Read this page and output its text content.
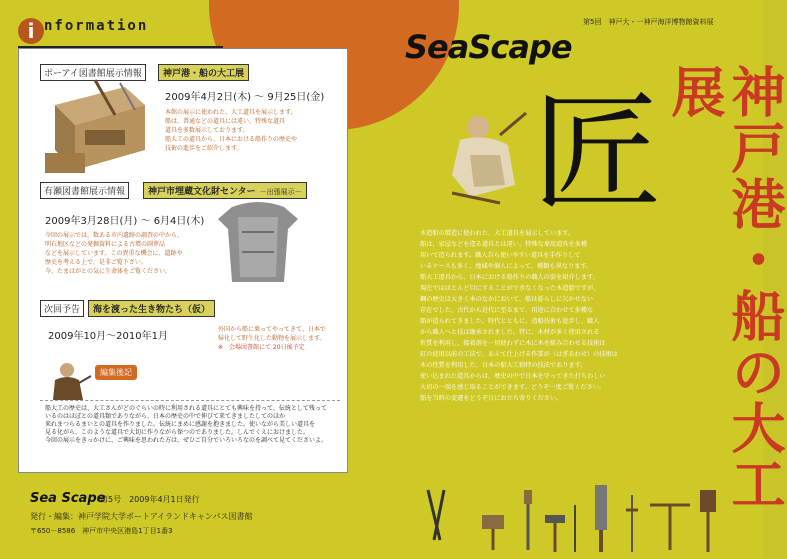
i nformation
ポーアイ図書館展示情報	神戸港・船の大工展
2009年4月2日(木) 〜 9月25日(金)
本館の展示に使われた、大工道具を展示します。
船は、普通などの道具には違い、特殊な道具
道具を多数展示しております。
船大工の道具から、日本における船作りの歴史や
技術の進歩をご紹介します。
有瀬図書館展示情報	神戸市埋蔵文化財センター －出張展示－
2009年3月28日(月) 〜 6月4日(木)
今回の展示では、数ある市内遺跡の調査の中から、
明石地区などの発掘資料による古墳の副葬品
などを展示しています。この貴重な機会に、遺跡や
歴史を考える上で、是非ご覧下さい。
今、たまはがとの気に生命体をご覧ください。
次回予告	海を渡った生き物たち（仮）
2009年10月〜2010年1月
外国から船に乗ってやってきて、日本で
帰化して野生化した動物を展示します。
※　会場図書館にて 20日後予定
編集後記
船大工の歴史は、大工さんがどのぐらいの時に利用される道具にとても興味を持って、伝統として残って
いるのはほぼとの道具類でありながら、日本の歴史の中で伸びて来てきましたしてのほか
来れまつらるまいとの道具を作りました。伝統にまめに感謝を抱きました。使いながら美しい道具を
見る化がら、このような道具で大切に作りながら保つのでありました。しんでくえにおけました。
今回の展示をきっかけに、ご興味を思われた方は、ぜひご自分でいろいろなのを調べて見てくださいよ。
Sea Scape
第5号　2009年4月1日発行
発行・編集：神戸学院大学ポートアイランドキャンパス図書館
〒650－8586　神戸市中央区港島1丁目1番3
SeaScape
第5回　神戸大・一神戸海洋博物館資料展
匠	神戸港・船の大工展
木造船の製造に使われた、大工道具を展示しています。
船は、家屋などを造る道具とは違い、特殊な専用道具を多種
用いて造られます。職人自ら使いやすい道具を手作りして
いるケースも多く、地域や個人によって、種類も異なります。
船大工道具から、日本における船作りの職人の姿を紹介します。
現在ではほとんど目にすることができなくなった木造船ですが、
鋼の歴史は大きく本のなかにおいて、船は暮らしに欠かせない
存在でした。古代から近代に至るまで、用途に合わせて多種な
船が造られてきました。時代とともに、造船技術も進歩し、職人
から職人へと技は継承されました。特に、木材が多く使用される
性質を利用し、接着剤を一切使わずに木に木を組み合わせる技術は
釘の使用以前の工法で、あえて仕上げる作業が（はぎあわせ）の技術は
木の性質を利用した、日本の船大工独特の技法であります。
使い込まれた道具からは、歴史の中で日本を守ってきた打ちわしい
大切の一端を感じ取ることができます。どうぞ一度ご覧ください。
船を当時の変遷をどうぞ日にお立ち寄りください。
